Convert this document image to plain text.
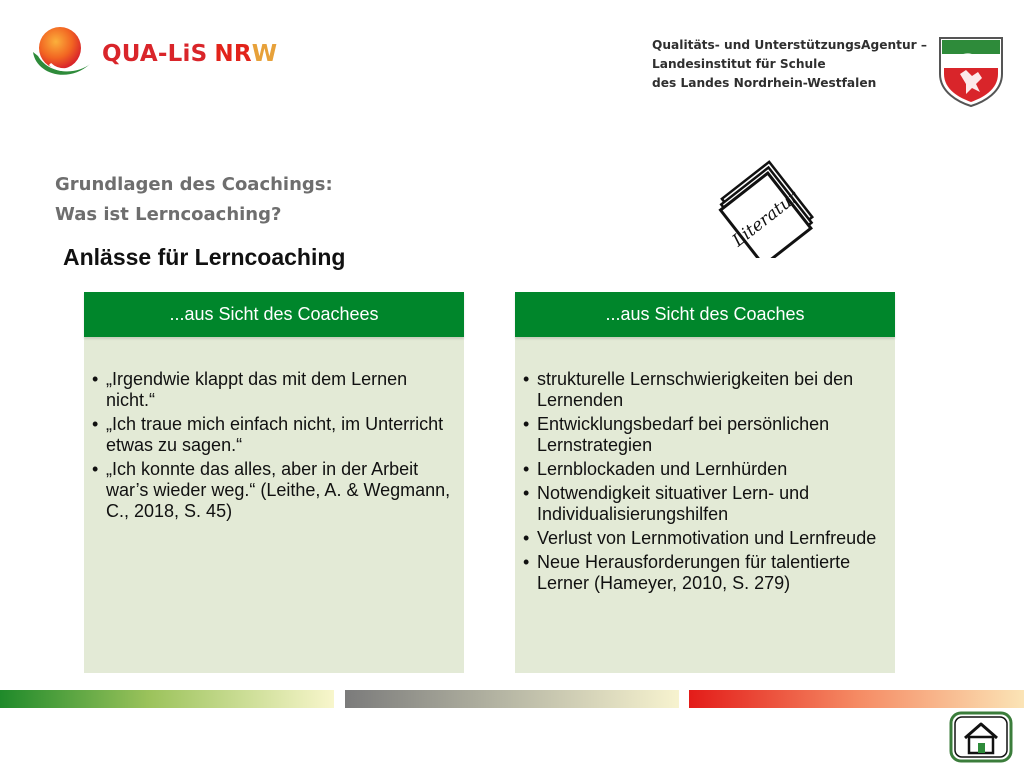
QUA-LiS NR W	Qualitäts- und UnterstützungsAgentur –
Landesinstitut für Schule
des Landes Nordrhein-Westfalen
Grundlagen des Coachings:
Was ist Lerncoaching?
Anlässe für Lerncoaching
Literatur
...aus Sicht des Coachees
• „Irgendwie klappt das mit dem Lernen nicht.“
• „Ich traue mich einfach nicht, im Unterricht etwas zu sagen.“
• „Ich konnte das alles, aber in der Arbeit war’s wieder weg.“ (Leithe, A. & Wegmann, C., 2018, S. 45)
...aus Sicht des Coaches
• strukturelle Lernschwierigkeiten bei den Lernenden
• Entwicklungsbedarf bei persönlichen Lernstrategien
• Lernblockaden und Lernhürden
• Notwendigkeit situativer Lern- und Individualisierungshilfen
• Verlust von Lernmotivation und Lernfreude
• Neue Herausforderungen für talentierte Lerner (Hameyer, 2010, S. 279)
